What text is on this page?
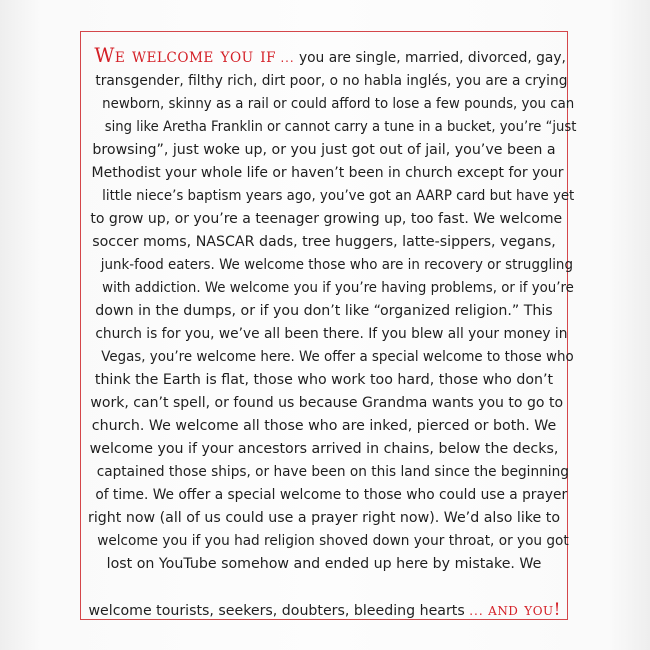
We welcome you if ... you are single, married, divorced, gay,
transgender, filthy rich, dirt poor, o no habla inglés, you are a crying
newborn, skinny as a rail or could afford to lose a few pounds, you can
sing like Aretha Franklin or cannot carry a tune in a bucket, you’re “just
browsing”, just woke up, or you just got out of jail, you’ve been a
Methodist your whole life or haven’t been in church except for your
little niece’s baptism years ago, you’ve got an AARP card but have yet
to grow up, or you’re a teenager growing up, too fast. We welcome
soccer moms, NASCAR dads, tree huggers, latte-sippers, vegans,
junk-food eaters. We welcome those who are in recovery or struggling
with addiction. We welcome you if you’re having problems, or if you’re
down in the dumps, or if you don’t like “organized religion.” This
church is for you, we’ve all been there. If you blew all your money in
Vegas, you’re welcome here. We offer a special welcome to those who
think the Earth is flat, those who work too hard, those who don’t
work, can’t spell, or found us because Grandma wants you to go to
church. We welcome all those who are inked, pierced or both. We
welcome you if your ancestors arrived in chains, below the decks,
captained those ships, or have been on this land since the beginning
of time. We offer a special welcome to those who could use a prayer
right now (all of us could use a prayer right now). We’d also like to
welcome you if you had religion shoved down your throat, or you got
lost on YouTube somehow and ended up here by mistake. We
welcome tourists, seekers, doubters, bleeding hearts ... and you!
